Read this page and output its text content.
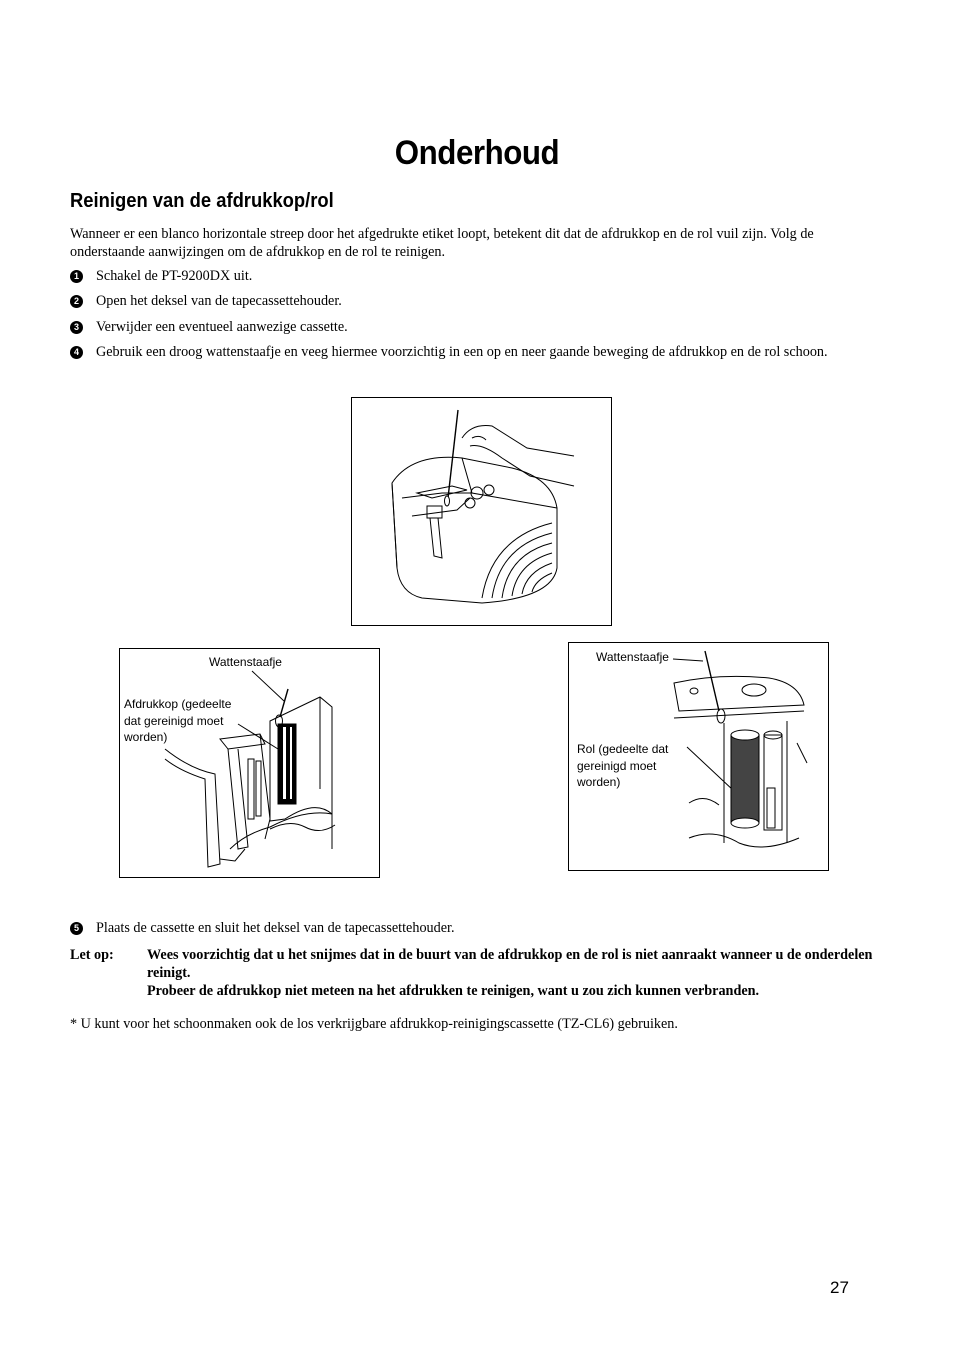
Onderhoud
Reinigen van de afdrukkop/rol
Wanneer er een blanco horizontale streep door het afgedrukte etiket loopt, betekent dit dat de afdrukkop en de rol vuil zijn. Volg de onderstaande aanwijzingen om de afdrukkop en de rol te reinigen.
1 Schakel de PT-9200DX uit.
2 Open het deksel van de tapecassettehouder.
3 Verwijder een eventueel aanwezige cassette.
4 Gebruik een droog wattenstaafje en veeg hiermee voorzichtig in een op en neer gaande beweging de afdrukkop en de rol schoon.
Wattenstaafje
Afdrukkop (gedeelte dat gereinigd moet worden)
Wattenstaafje
Rol (gedeelte dat gereinigd moet worden)
5 Plaats de cassette en sluit het deksel van de tapecassettehouder.
Let op: Wees voorzichtig dat u het snijmes dat in de buurt van de afdrukkop en de rol is niet aanraakt wanneer u de onderdelen reinigt.
Probeer de afdrukkop niet meteen na het afdrukken te reinigen, want u zou zich kunnen verbranden.
* U kunt voor het schoonmaken ook de los verkrijgbare afdrukkop-reinigingscassette (TZ-CL6) gebruiken.
27
